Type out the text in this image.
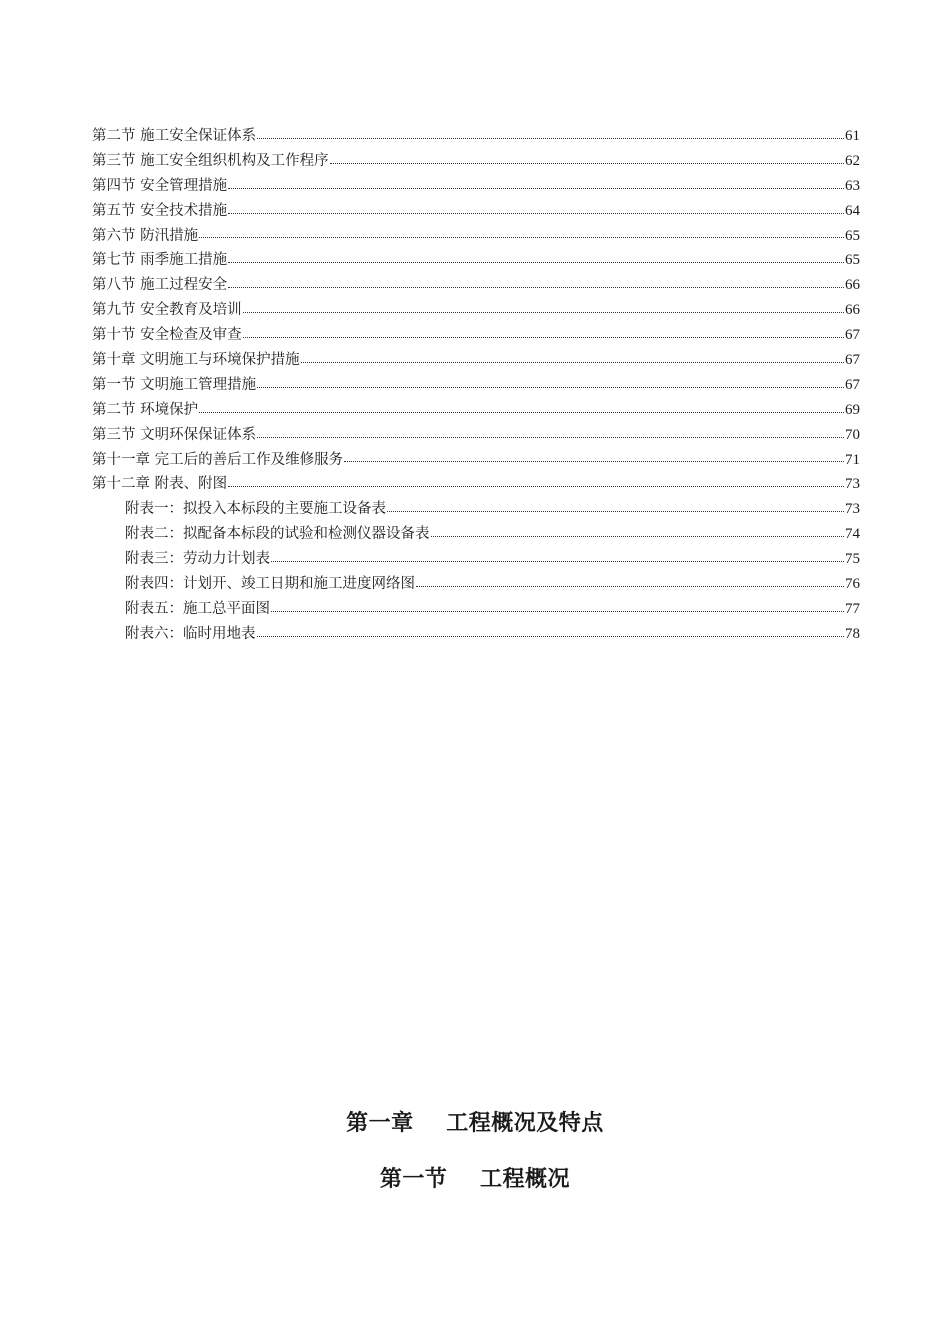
第二节 施工安全保证体系	61
第三节 施工安全组织机构及工作程序	62
第四节 安全管理措施	63
第五节 安全技术措施	64
第六节 防汛措施	65
第七节 雨季施工措施	65
第八节 施工过程安全	66
第九节 安全教育及培训	66
第十节 安全检查及审查	67
第十章 文明施工与环境保护措施	67
第一节 文明施工管理措施	67
第二节 环境保护	69
第三节 文明环保保证体系	70
第十一章 完工后的善后工作及维修服务	71
第十二章 附表、附图	73
附表一：拟投入本标段的主要施工设备表	73
附表二：拟配备本标段的试验和检测仪器设备表	74
附表三：劳动力计划表	75
附表四：计划开、竣工日期和施工进度网络图	76
附表五：施工总平面图	77
附表六：临时用地表	78
第一章    工程概况及特点
第一节    工程概况
